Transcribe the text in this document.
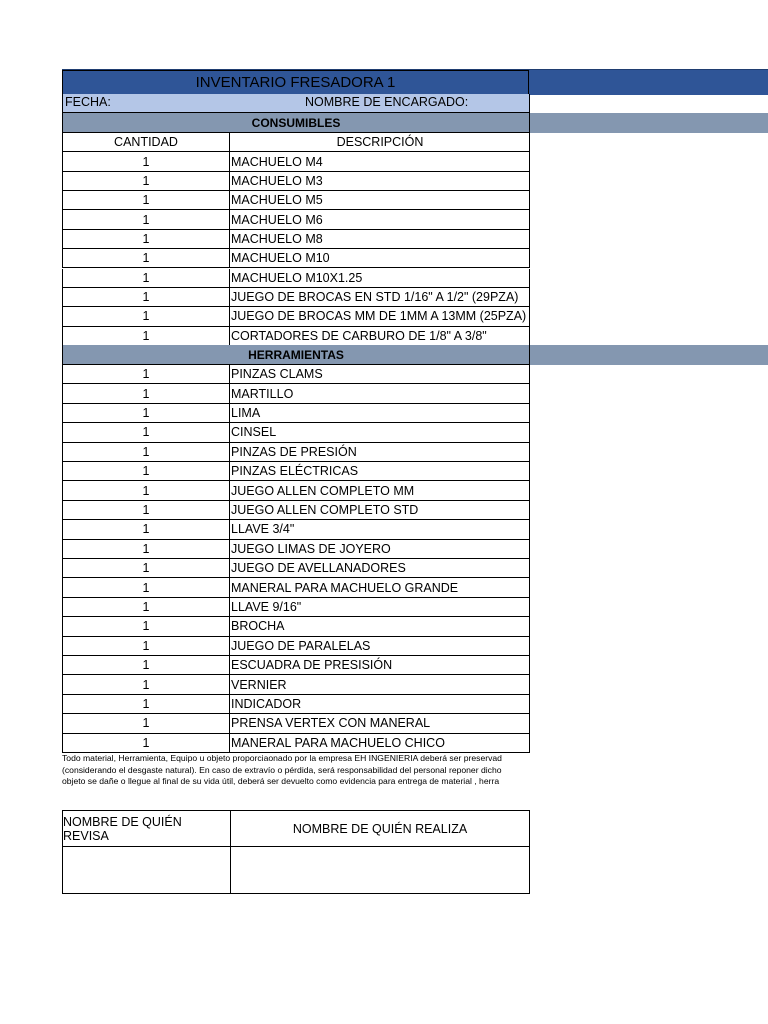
INVENTARIO FRESADORA 1
FECHA:	NOMBRE DE ENCARGADO:
CONSUMIBLES
CANTIDAD	DESCRIPCIÓN
1	MACHUELO M4
1	MACHUELO M3
1	MACHUELO M5
1	MACHUELO M6
1	MACHUELO M8
1	MACHUELO M10
1	MACHUELO M10X1.25
1	JUEGO DE BROCAS EN STD 1/16" A 1/2" (29PZA)
1	JUEGO DE BROCAS MM DE 1MM A 13MM (25PZA)
1	CORTADORES DE CARBURO DE 1/8" A 3/8"
HERRAMIENTAS
1	PINZAS CLAMS
1	MARTILLO
1	LIMA
1	CINSEL
1	PINZAS DE PRESIÓN
1	PINZAS ELÉCTRICAS
1	JUEGO ALLEN COMPLETO MM
1	JUEGO ALLEN COMPLETO STD
1	LLAVE 3/4"
1	JUEGO LIMAS DE JOYERO
1	JUEGO DE AVELLANADORES
1	MANERAL PARA MACHUELO GRANDE
1	LLAVE 9/16"
1	BROCHA
1	JUEGO DE PARALELAS
1	ESCUADRA DE PRESISIÓN
1	VERNIER
1	INDICADOR
1	PRENSA VERTEX CON MANERAL
1	MANERAL PARA MACHUELO CHICO
Todo material, Herramienta, Equipo u objeto proporciaonado por la empresa EH INGENIERIA deberá ser preservad
(considerando el desgaste natural). En caso de extravío o pérdida, será responsabilidad del personal reponer dicho
objeto se dañe o llegue al final de su vida útil, deberá ser devuelto como evidencia para entrega de material , herra
NOMBRE DE QUIÉN REVISA	NOMBRE DE QUIÉN REALIZA
